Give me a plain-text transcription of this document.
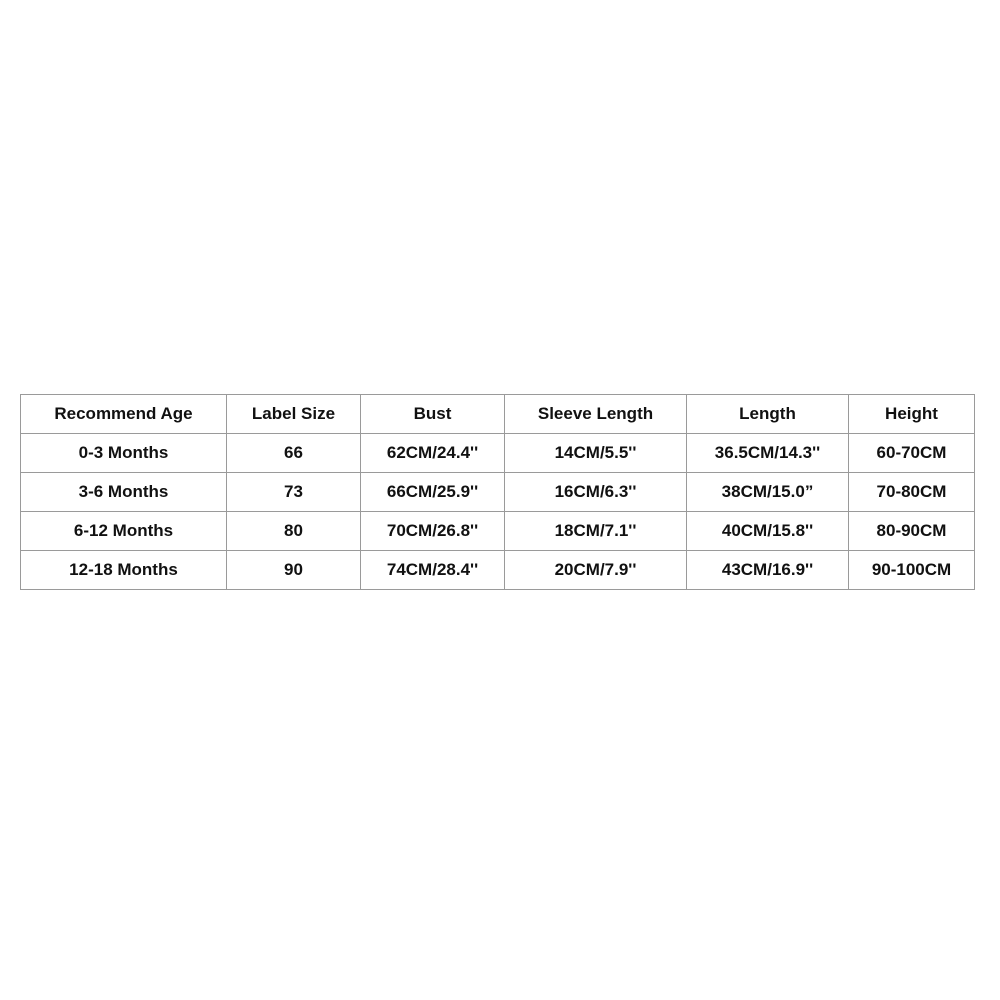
Recommend Age	Label Size	Bust	Sleeve Length	Length	Height
0-3 Months	66	62CM/24.4''	14CM/5.5''	36.5CM/14.3''	60-70CM
3-6 Months	73	66CM/25.9''	16CM/6.3''	38CM/15.0”	70-80CM
6-12 Months	80	70CM/26.8''	18CM/7.1''	40CM/15.8''	80-90CM
12-18 Months	90	74CM/28.4''	20CM/7.9''	43CM/16.9''	90-100CM
